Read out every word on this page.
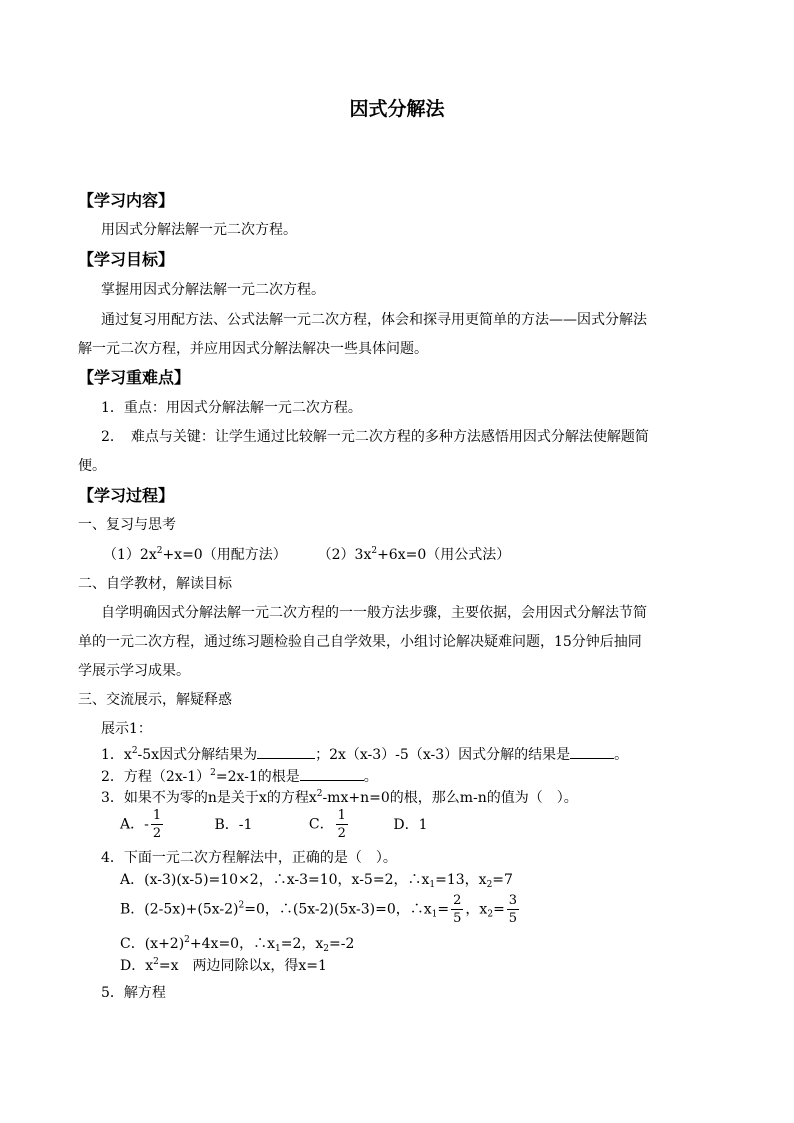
因式分解法
【学习内容】
用因式分解法解一元二次方程。
【学习目标】
掌握用因式分解法解一元二次方程。
通过复习用配方法、公式法解一元二次方程，体会和探寻用更简单的方法——因式分解法
解一元二次方程，并应用因式分解法解决一些具体问题。
【学习重难点】
1．重点：用因式分解法解一元二次方程。
2．　难点与关键：让学生通过比较解一元二次方程的多种方法感悟用因式分解法使解题简
便。
【学习过程】
一、复习与思考
$(1)2x^2+x=0$（用配方法） $(2)3x^2+6x=0$（用公式法）
二、自学教材，解读目标
自学明确因式分解法解一元二次方程的一一般方法步骤，主要依据，会用因式分解法节简
单的一元二次方程，通过练习题检验自己自学效果，小组讨论解决疑难问题，15分钟后抽同
学展示学习成果。
三、交流展示，解疑释惑
展示1：
1．$x^2-5x$因式分解结果为	；2x（x-3）-5（x-3）因式分解的结果是	。
2．方程$(2x-1)^2=2x-1$的根是	。
3．如果不为零的n是关于x的方程$x^2-mx+n=0$的根，那么m-n的值为（　）。
A．- $\frac{1}{2}$	B．-1	C． $\frac{1}{2}$	D．1
4．下面一元二次方程解法中，正确的是（　）。
A．(x-3)(x-5)=10×2，∴x-3=10，x-5=2，$\therefore x_1=13$，$x_2=7$
B．$(2-5x)+(5x-2)^2=0$，∴(5x-2)(5x-3)=0，$\therefore x_1= \frac{2}{5}$ ，$x_2= \frac{3}{5}$
C．$(x+2)^2+4x=0$，$\therefore x_1=2$，$x_2=-2$
D．$x^2=x$　两边同除以x，得x=1
5．解方程
